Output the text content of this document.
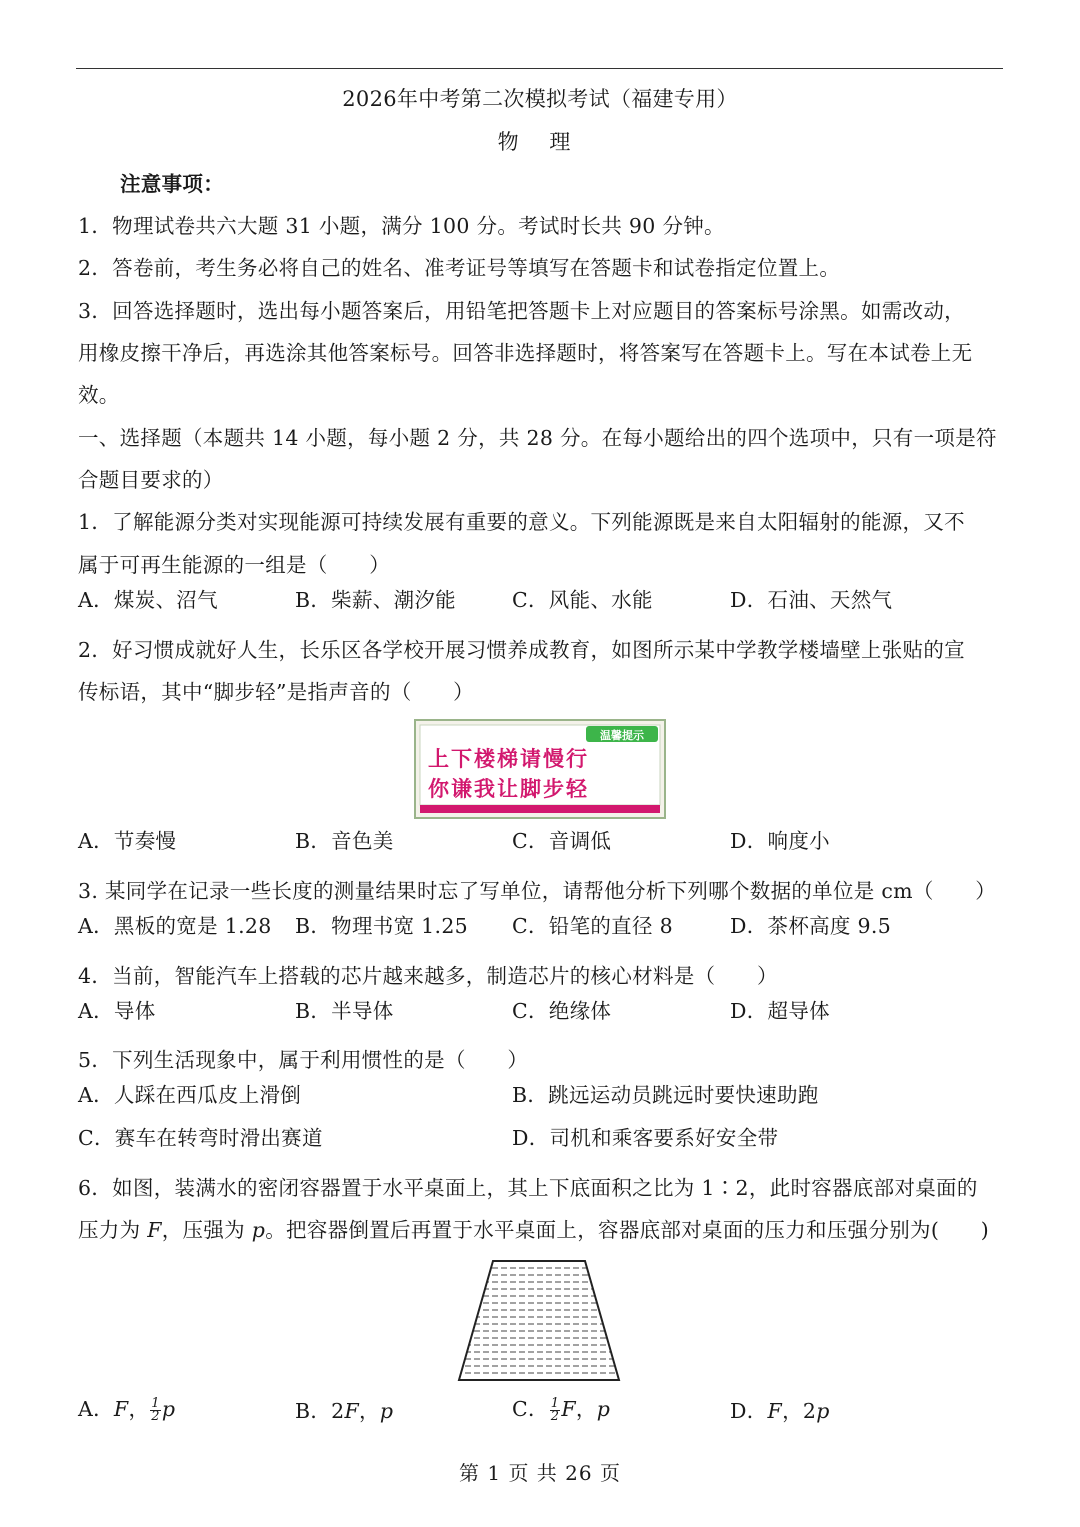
2026年中考第二次模拟考试（福建专用）
物 理
注意事项：
1．物理试卷共六大题 31 小题，满分 100 分。考试时长共 90 分钟。
2．答卷前，考生务必将自己的姓名、准考证号等填写在答题卡和试卷指定位置上。
3．回答选择题时，选出每小题答案后，用铅笔把答题卡上对应题目的答案标号涂黑。如需改动，
用橡皮擦干净后，再选涂其他答案标号。回答非选择题时，将答案写在答题卡上。写在本试卷上无
效。
一、选择题（本题共 14 小题，每小题 2 分，共 28 分。在每小题给出的四个选项中，只有一项是符
合题目要求的）
1．了解能源分类对实现能源可持续发展有重要的意义。下列能源既是来自太阳辐射的能源，又不
属于可再生能源的一组是（　　）
A．煤炭、沼气	B．柴薪、潮汐能	C．风能、水能	D．石油、天然气
2．好习惯成就好人生，长乐区各学校开展习惯养成教育，如图所示某中学教学楼墙壁上张贴的宣
传标语，其中“脚步轻”是指声音的（　　）
温馨提示
上下楼梯请慢行
你谦我让脚步轻
A．节奏慢	B．音色美	C．音调低	D．响度小
3. 某同学在记录一些长度的测量结果时忘了写单位，请帮他分析下列哪个数据的单位是 cm（　　）
A．黑板的宽是 1.28 B．物理书宽 1.25 C．铅笔的直径 8	D．茶杯高度 9.5
4．当前，智能汽车上搭载的芯片越来越多，制造芯片的核心材料是（　　）
A．导体	B．半导体	C．绝缘体	D．超导体
5．下列生活现象中，属于利用惯性的是（　　）
A．人踩在西瓜皮上滑倒	B．跳远运动员跳远时要快速助跑
C．赛车在转弯时滑出赛道	D．司机和乘客要系好安全带
6．如图，装满水的密闭容器置于水平桌面上，其上下底面积之比为 1∶2，此时容器底部对桌面的
压力为 F，压强为 p。把容器倒置后再置于水平桌面上，容器底部对桌面的压力和压强分别为(　　)
A．F， $\frac{1}{2}$ p	B．2F，p	C． $\frac{1}{2}$ F，p	D．F，2p
第 1 页 共 26 页
